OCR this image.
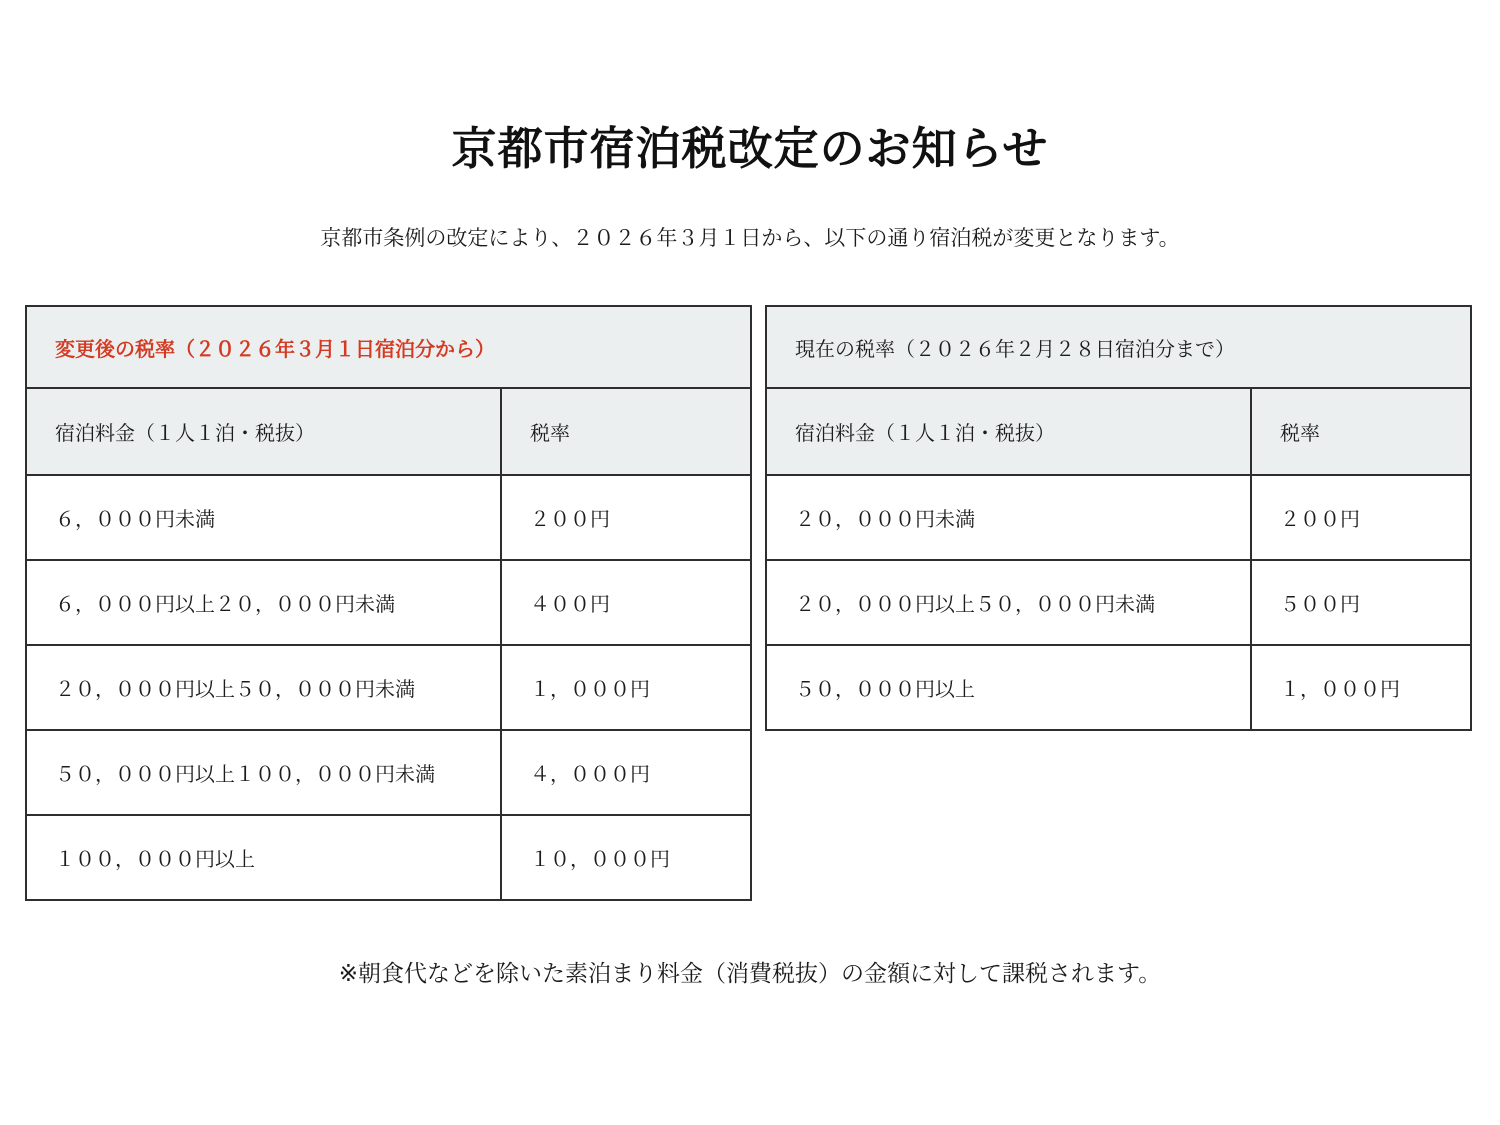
京都市宿泊税改定のお知らせ
京都市条例の改定により、２０２６年３月１日から、以下の通り宿泊税が変更となります。
変更後の税率（２０２６年３月１日宿泊分から）	
宿泊料金（１人１泊・税抜）	税率
６，０００円未満	２００円
６，０００円以上２０，０００円未満	４００円
２０，０００円以上５０，０００円未満	１，０００円
５０，０００円以上１００，０００円未満	４，０００円
１００，０００円以上	１０，０００円
現在の税率（２０２６年２月２８日宿泊分まで）	
宿泊料金（１人１泊・税抜）	税率
２０，０００円未満	２００円
２０，０００円以上５０，０００円未満	５００円
５０，０００円以上	１，０００円
※朝食代などを除いた素泊まり料金（消費税抜）の金額に対して課税されます。
